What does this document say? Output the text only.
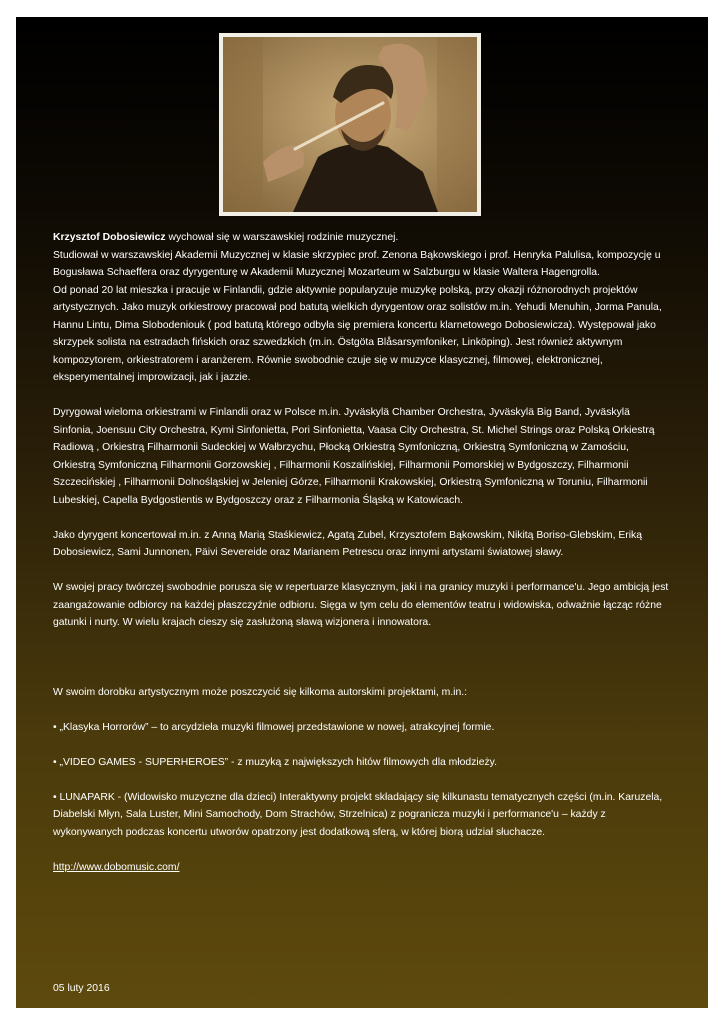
Krzysztof Dobosiewicz wychował się w warszawskiej rodzinie muzycznej.

Studiował w warszawskiej Akademii Muzycznej w klasie skrzypiec prof. Zenona Bąkowskiego i prof. Henryka Palulisa, kompozycję u Bogusława Schaeffera oraz dyrygenturę w Akademii Muzycznej Mozarteum w Salzburgu w klasie Waltera Hagengrolla.

Od ponad 20 lat mieszka i pracuje w Finlandii, gdzie aktywnie popularyzuje muzykę polską, przy okazji różnorodnych projektów artystycznych. Jako muzyk orkiestrowy pracował pod batutą wielkich dyrygentow oraz solistów m.in. Yehudi Menuhin, Jorma Panula, Hannu Lintu, Dima Slobodeniouk ( pod batutą którego odbyła się premiera koncertu klarnetowego Dobosiewicza). Występował jako skrzypek solista na estradach fińskich oraz szwedzkich (m.in. Östgöta Blåsarsymfoniker, Linköping). Jest również aktywnym kompozytorem, orkiestratorem i aranżerem. Równie swobodnie czuje się w muzyce klasycznej, filmowej, elektronicznej, eksperymentalnej improwizacji, jak i jazzie.

Dyrygował wieloma orkiestrami w Finlandii oraz w Polsce m.in. Jyväskylä Chamber Orchestra, Jyväskylä Big Band, Jyväskylä Sinfonia, Joensuu City Orchestra, Kymi Sinfonietta, Pori Sinfonietta, Vaasa City Orchestra, St. Michel Strings oraz Polską Orkiestrą Radiową , Orkiestrą Filharmonii Sudeckiej w Wałbrzychu, Płocką Orkiestrą Symfoniczną, Orkiestrą Symfoniczną w Zamościu, Orkiestrą Symfoniczną Filharmonii Gorzowskiej , Filharmonii Koszalińskiej, Filharmonii Pomorskiej w Bydgoszczy, Filharmonii Szczecińskiej , Filharmonii Dolnośląskiej w Jeleniej Górze, Filharmonii Krakowskiej, Orkiestrą Symfoniczną w Toruniu, Filharmonii Lubeskiej, Capella Bydgostientis w Bydgoszczy oraz z Filharmonia Śląską w Katowicach.

Jako dyrygent koncertował m.in. z Anną Marią Staśkiewicz, Agatą Zubel, Krzysztofem Bąkowskim, Nikitą Boriso-Glebskim, Eriką Dobosiewicz, Sami Junnonen, Päivi Severeide oraz Marianem Petrescu oraz innymi artystami światowej sławy.

W swojej pracy twórczej swobodnie porusza się w repertuarze klasycznym, jaki i na granicy muzyki i performance'u. Jego ambicją jest zaangażowanie odbiorcy na każdej płaszczyźnie odbioru. Sięga w tym celu do elementów teatru i widowiska, odważnie łącząc różne gatunki i nurty. W wielu krajach cieszy się zasłużoną sławą wizjonera i innowatora.

W swoim dorobku artystycznym może poszczycić się kilkoma autorskimi projektami, m.in.:

• „Klasyka Horrorów” – to arcydzieła muzyki filmowej przedstawione w nowej, atrakcyjnej formie.

• „VIDEO GAMES - SUPERHEROES” - z muzyką z największych hitów filmowych dla młodzieży.

• LUNAPARK - (Widowisko muzyczne dla dzieci) Interaktywny projekt składający się kilkunastu tematycznych części (m.in. Karuzela, Diabelski Młyn, Sala Luster, Mini Samochody, Dom Strachów, Strzelnica) z pogranicza muzyki i performance'u – każdy z wykonywanych podczas koncertu utworów opatrzony jest dodatkową sferą, w której biorą udział słuchacze.

http://www.dobomusic.com/

05 luty 2016
